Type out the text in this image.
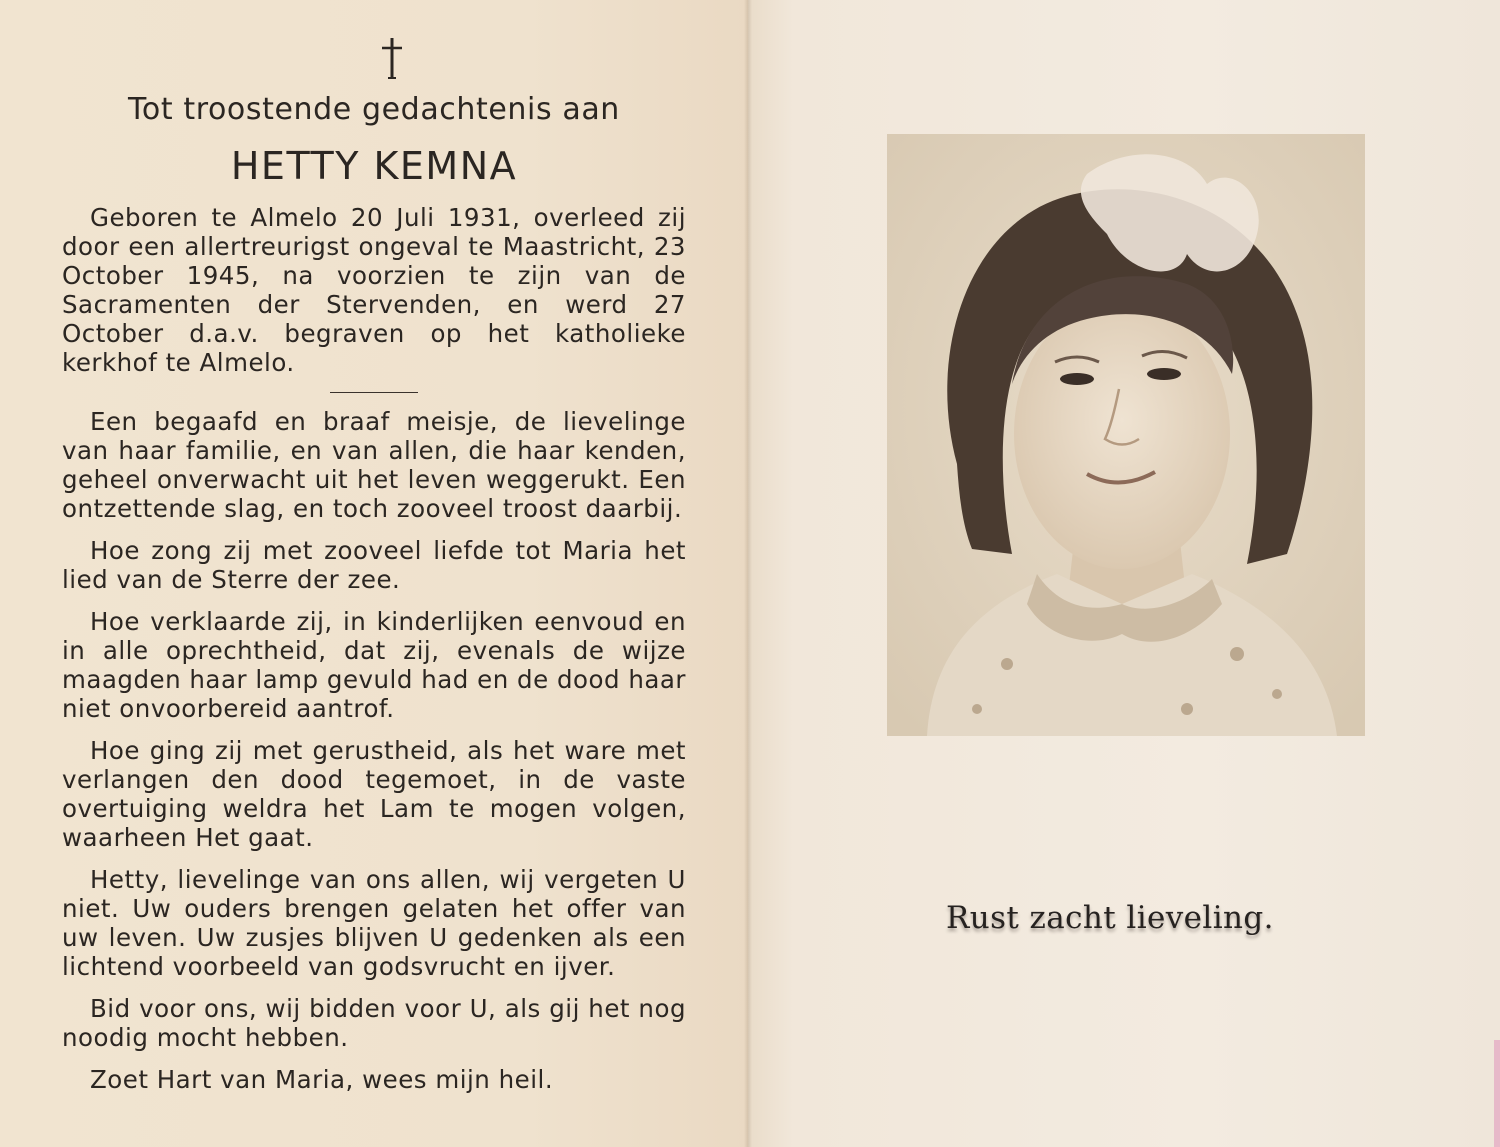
Tot troostende gedachtenis aan

HETTY KEMNA

Geboren te Almelo 20 Juli 1931, overleed zij door een allertreurigst ongeval te Maastricht, 23 October 1945, na voorzien te zijn van de Sacramenten der Stervenden, en werd 27 October d.a.v. begraven op het katholieke kerkhof te Almelo.

Een begaafd en braaf meisje, de lievelinge van haar familie, en van allen, die haar kenden, geheel onverwacht uit het leven weggerukt. Een ontzettende slag, en toch zooveel troost daarbij.

Hoe zong zij met zooveel liefde tot Maria het lied van de Sterre der zee.

Hoe verklaarde zij, in kinderlijken eenvoud en in alle oprechtheid, dat zij, evenals de wijze maagden haar lamp gevuld had en de dood haar niet onvoorbereid aantrof.

Hoe ging zij met gerustheid, als het ware met verlangen den dood tegemoet, in de vaste overtuiging weldra het Lam te mogen volgen, waarheen Het gaat.

Hetty, lievelinge van ons allen, wij vergeten U niet. Uw ouders brengen gelaten het offer van uw leven. Uw zusjes blijven U gedenken als een lichtend voorbeeld van godsvrucht en ijver.

Bid voor ons, wij bidden voor U, als gij het nog noodig mocht hebben.

Zoet Hart van Maria, wees mijn heil.

Rust zacht lieveling.
